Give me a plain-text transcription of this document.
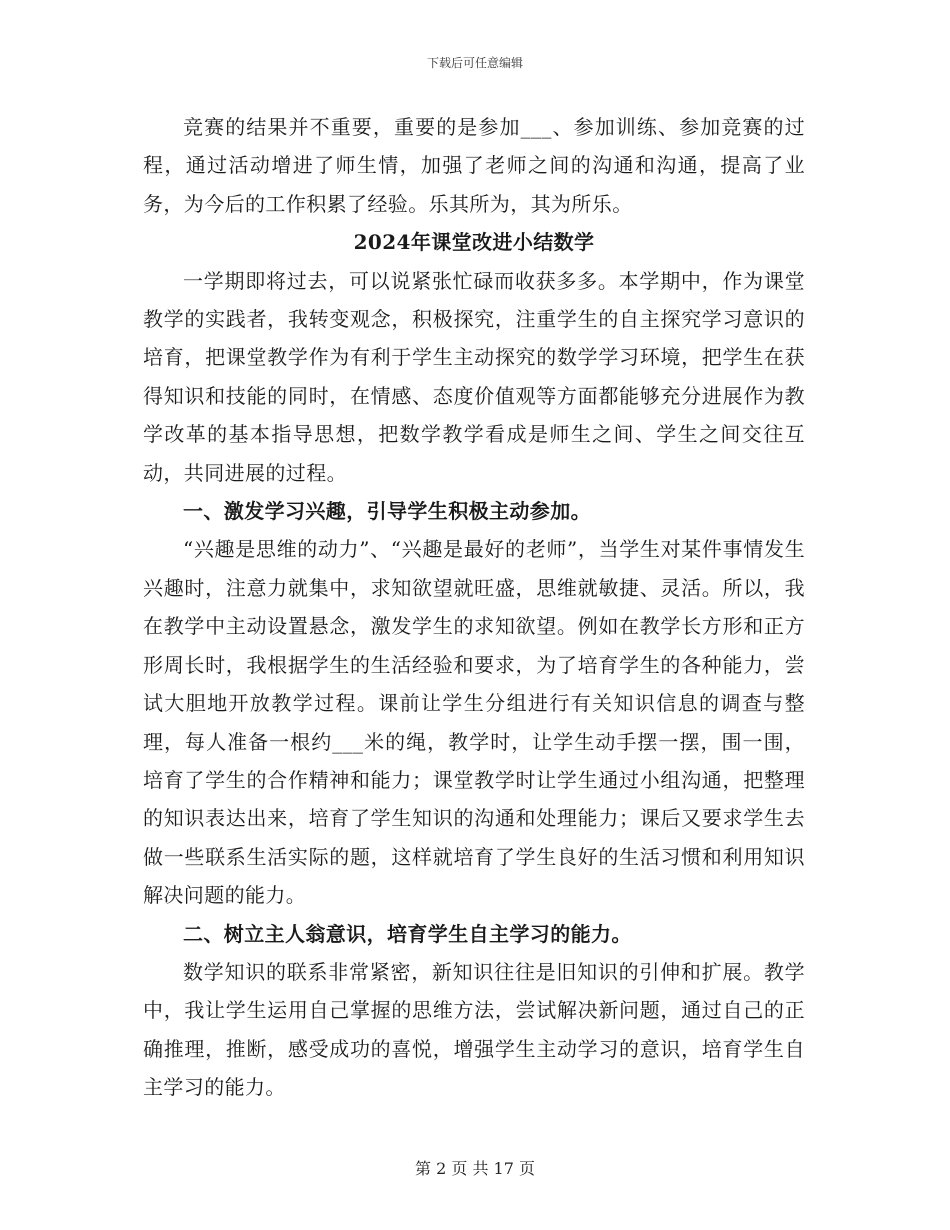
下载后可任意编辑

竞赛的结果并不重要，重要的是参加___、参加训练、参加竞赛的过程，通过活动增进了师生情，加强了老师之间的沟通和沟通，提高了业务，为今后的工作积累了经验。乐其所为，其为所乐。

2024年课堂改进小结数学

一学期即将过去，可以说紧张忙碌而收获多多。本学期中，作为课堂教学的实践者，我转变观念，积极探究，注重学生的自主探究学习意识的培育，把课堂教学作为有利于学生主动探究的数学学习环境，把学生在获得知识和技能的同时，在情感、态度价值观等方面都能够充分进展作为教学改革的基本指导思想，把数学教学看成是师生之间、学生之间交往互动，共同进展的过程。

一、激发学习兴趣，引导学生积极主动参加。

“兴趣是思维的动力”、“兴趣是最好的老师”，当学生对某件事情发生兴趣时，注意力就集中，求知欲望就旺盛，思维就敏捷、灵活。所以，我在教学中主动设置悬念，激发学生的求知欲望。例如在教学长方形和正方形周长时，我根据学生的生活经验和要求，为了培育学生的各种能力，尝试大胆地开放教学过程。课前让学生分组进行有关知识信息的调查与整理，每人准备一根约___米的绳，教学时，让学生动手摆一摆，围一围，培育了学生的合作精神和能力；课堂教学时让学生通过小组沟通，把整理的知识表达出来，培育了学生知识的沟通和处理能力；课后又要求学生去做一些联系生活实际的题，这样就培育了学生良好的生活习惯和利用知识解决问题的能力。

二、树立主人翁意识，培育学生自主学习的能力。

数学知识的联系非常紧密，新知识往往是旧知识的引伸和扩展。教学中，我让学生运用自己掌握的思维方法，尝试解决新问题，通过自己的正确推理，推断，感受成功的喜悦，增强学生主动学习的意识，培育学生自主学习的能力。

第 2 页 共 17 页
